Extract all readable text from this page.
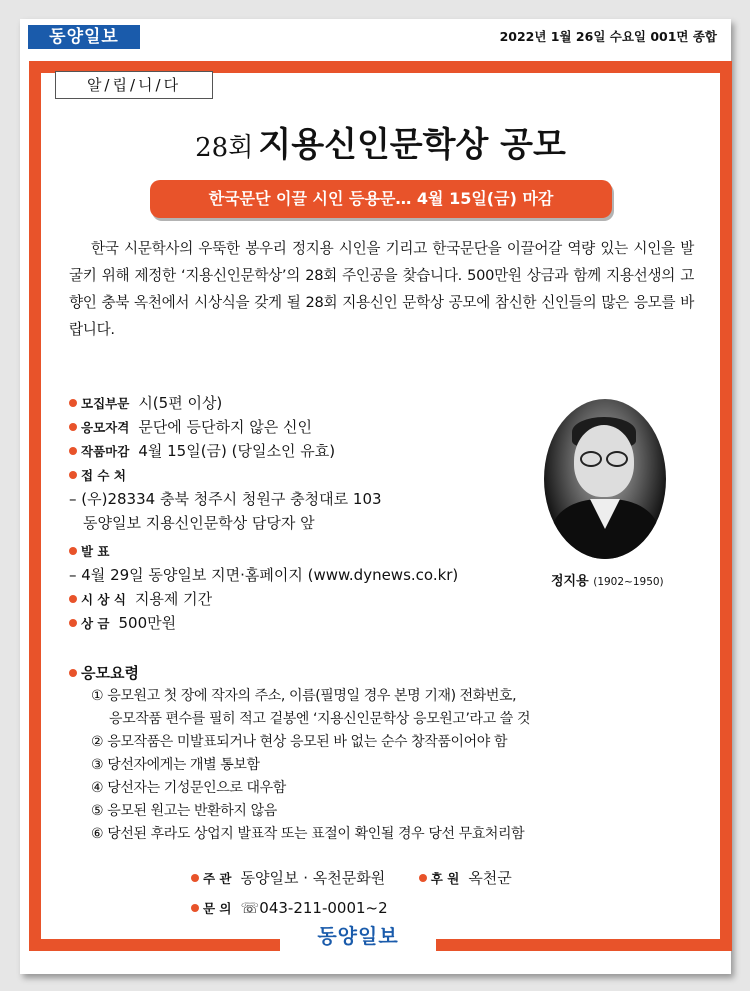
동양일보	2022년 1월 26일 수요일 001면 종합
알/립/니/다
28회 지용신인문학상 공모
한국문단 이끌 시인 등용문… 4월 15일(금) 마감
한국 시문학사의 우뚝한 봉우리 정지용 시인을 기리고 한국문단을 이끌어갈 역량 있는 시인을 발굴키 위해 제정한 ‘지용신인문학상’의 28회 주인공을 찾습니다. 500만원 상금과 함께 지용선생의 고향인 충북 옥천에서 시상식을 갖게 될 28회 지용신인 문학상 공모에 참신한 신인들의 많은 응모를 바랍니다.
모집부문 시(5편 이상)
응모자격 문단에 등단하지 않은 신인
작품마감 4월 15일(금) (당일소인 유효)
접 수 처
– (우)28334 충북 청주시 청원구 충청대로 103
동양일보 지용신인문학상 담당자 앞
발 표
– 4월 29일 동양일보 지면·홈페이지 (www.dynews.co.kr)
시 상 식 지용제 기간
상 금 500만원
정지용 (1902~1950)
응모요령
① 응모원고 첫 장에 작자의 주소, 이름(필명일 경우 본명 기재) 전화번호,
응모작품 편수를 필히 적고 겉봉엔 ‘지용신인문학상 응모원고’라고 쓸 것
② 응모작품은 미발표되거나 현상 응모된 바 없는 순수 창작품이어야 함
③ 당선자에게는 개별 통보함
④ 당선자는 기성문인으로 대우함
⑤ 응모된 원고는 반환하지 않음
⑥ 당선된 후라도 상업지 발표작 또는 표절이 확인될 경우 당선 무효처리함
주 관 동양일보 · 옥천문화원	후 원 옥천군
문 의 ☏043-211-0001~2
동양일보
